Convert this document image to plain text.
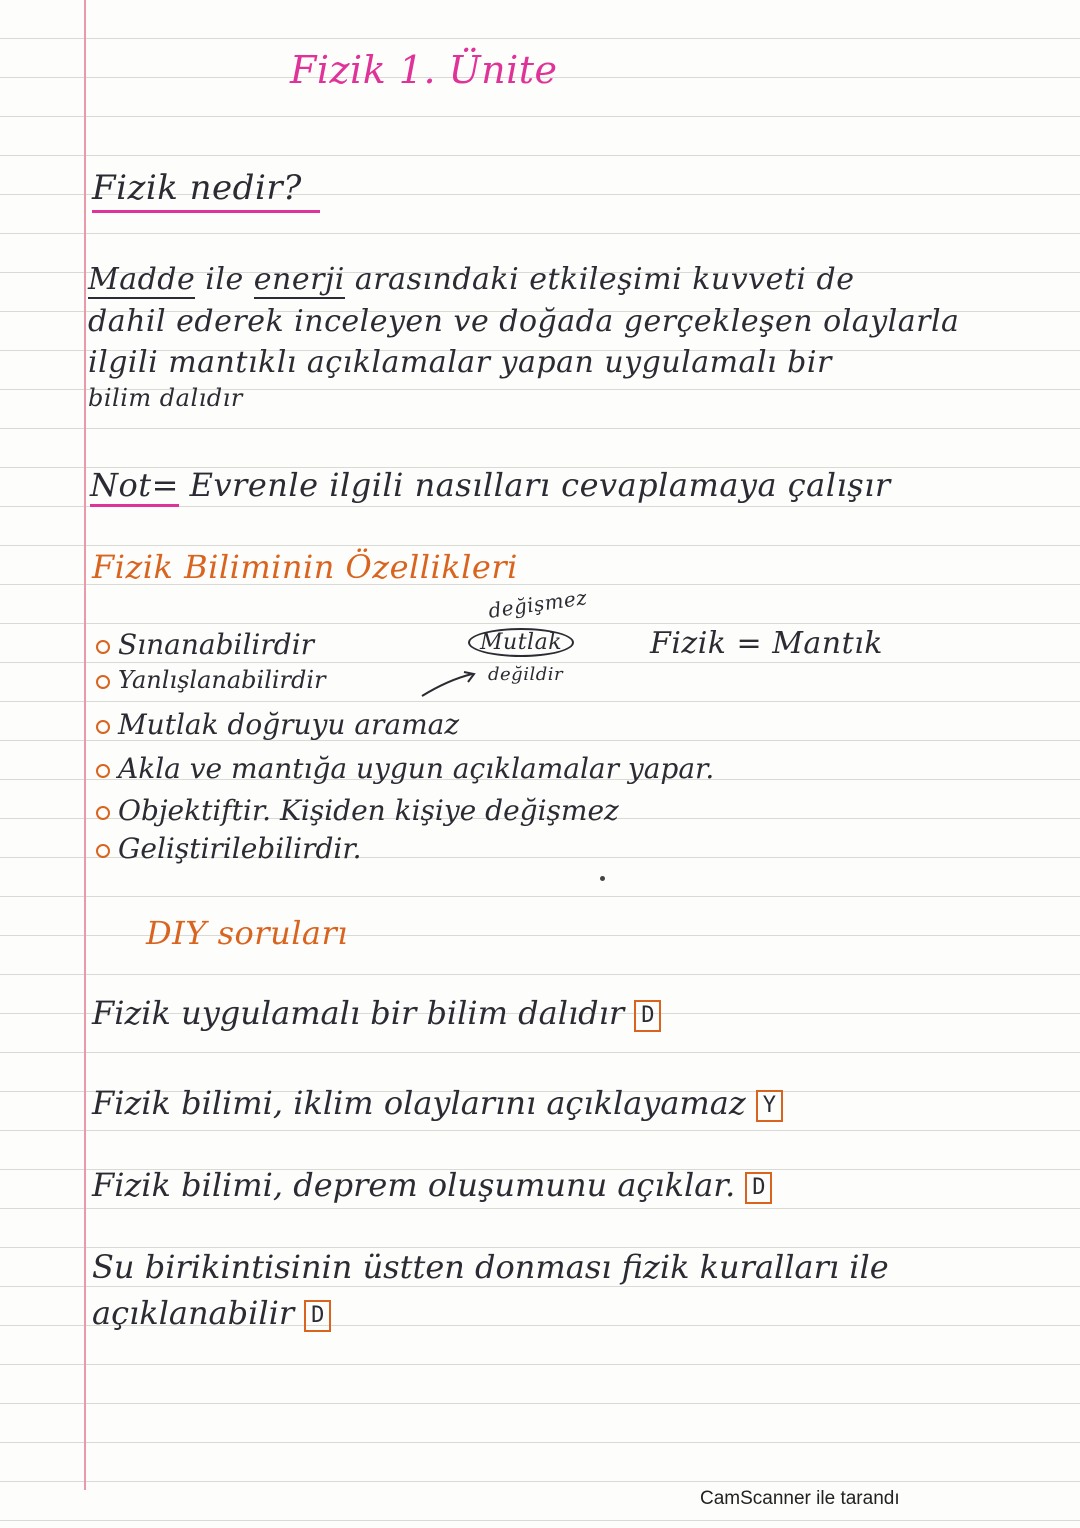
Fizik 1. Ünite
Fizik nedir?
Madde ile enerji arasındaki etkileşimi kuvveti de
dahil ederek inceleyen ve doğada gerçekleşen olaylarla
ilgili mantıklı açıklamalar yapan uygulamalı bir
bilim dalıdır
Not= Evrenle ilgili nasılları cevaplamaya çalışır
Fizik Biliminin Özellikleri
değişmez
Mutlak
değildir
Fizik = Mantık
Sınanabilirdir
Yanlışlanabilirdir
Mutlak doğruyu aramaz
Akla ve mantığa uygun açıklamalar yapar.
Objektiftir. Kişiden kişiye değişmez
Geliştirilebilirdir.
DIY soruları
Fizik uygulamalı bir bilim dalıdır D
Fizik bilimi, iklim olaylarını açıklayamaz Y
Fizik bilimi, deprem oluşumunu açıklar. D
Su birikintisinin üstten donması fizik kuralları ile
açıklanabilir D
CamScanner ile tarandı
